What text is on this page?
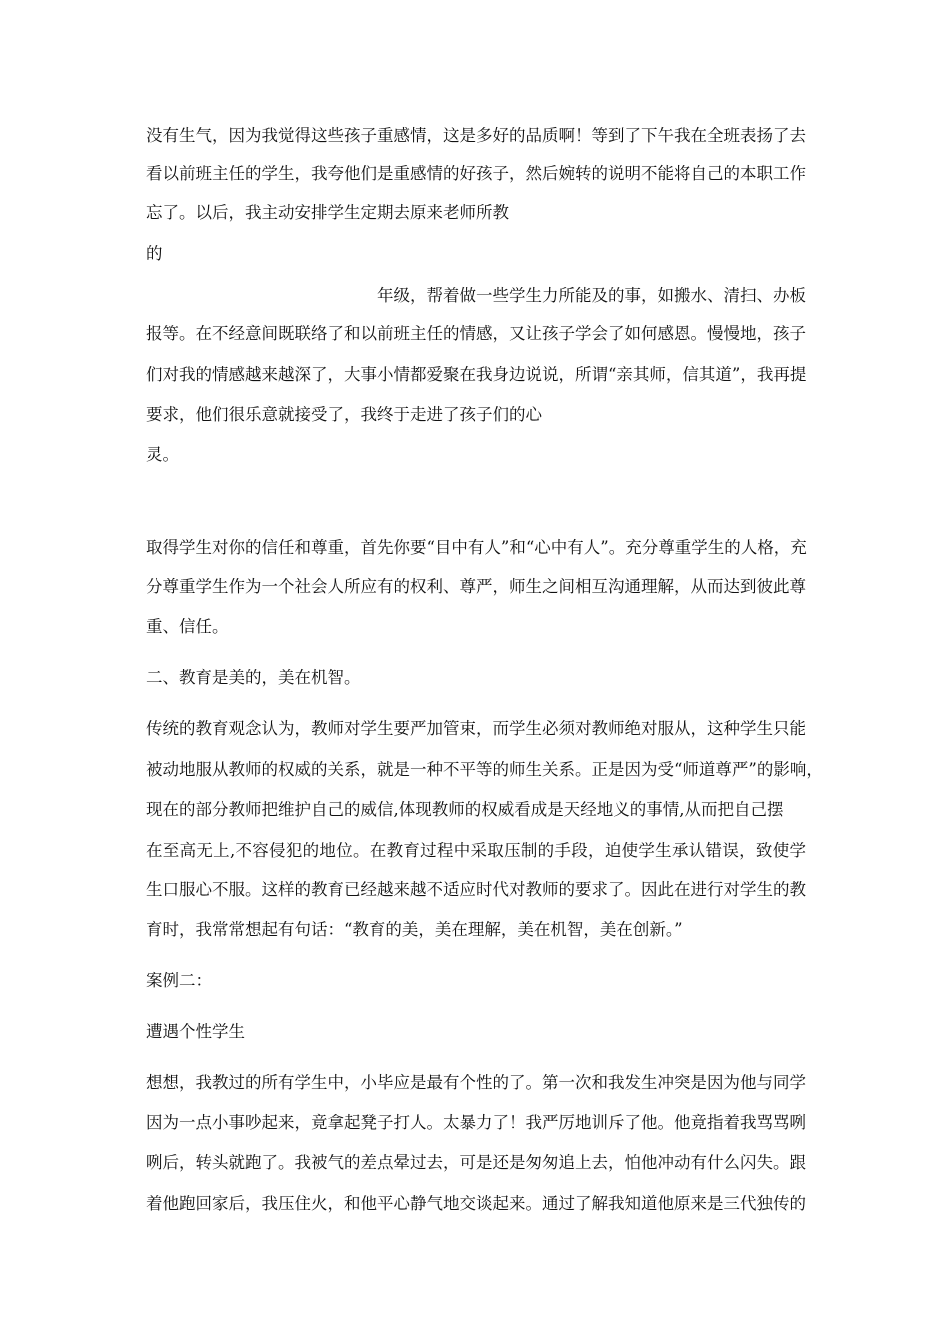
没有生气，因为我觉得这些孩子重感情，这是多好的品质啊！等到了下午我在全班表扬了去
看以前班主任的学生，我夸他们是重感情的好孩子，然后婉转的说明不能将自己的本职工作
忘了。以后，我主动安排学生定期去原来老师所教
的
年级，帮着做一些学生力所能及的事，如搬水、清扫、办板
报等。在不经意间既联络了和以前班主任的情感，又让孩子学会了如何感恩。慢慢地，孩子
们对我的情感越来越深了，大事小情都爱聚在我身边说说，所谓“亲其师，信其道”，我再提
要求，他们很乐意就接受了，我终于走进了孩子们的心
灵。
取得学生对你的信任和尊重，首先你要“目中有人”和“心中有人”。充分尊重学生的人格，充
分尊重学生作为一个社会人所应有的权利、尊严，师生之间相互沟通理解，从而达到彼此尊
重、信任。
二、教育是美的，美在机智。
传统的教育观念认为，教师对学生要严加管束，而学生必须对教师绝对服从，这种学生只能
被动地服从教师的权威的关系，就是一种不平等的师生关系。正是因为受“师道尊严”的影响，
现在的部分教师把维护自己的威信,体现教师的权威看成是天经地义的事情,从而把自己摆
在至高无上,不容侵犯的地位。在教育过程中采取压制的手段，迫使学生承认错误，致使学
生口服心不服。这样的教育已经越来越不适应时代对教师的要求了。因此在进行对学生的教
育时，我常常想起有句话：“教育的美，美在理解，美在机智，美在创新。”
案例二：
遭遇个性学生
想想，我教过的所有学生中，小毕应是最有个性的了。第一次和我发生冲突是因为他与同学
因为一点小事吵起来，竟拿起凳子打人。太暴力了！我严厉地训斥了他。他竟指着我骂骂咧
咧后，转头就跑了。我被气的差点晕过去，可是还是匆匆追上去，怕他冲动有什么闪失。跟
着他跑回家后，我压住火，和他平心静气地交谈起来。通过了解我知道他原来是三代独传的
